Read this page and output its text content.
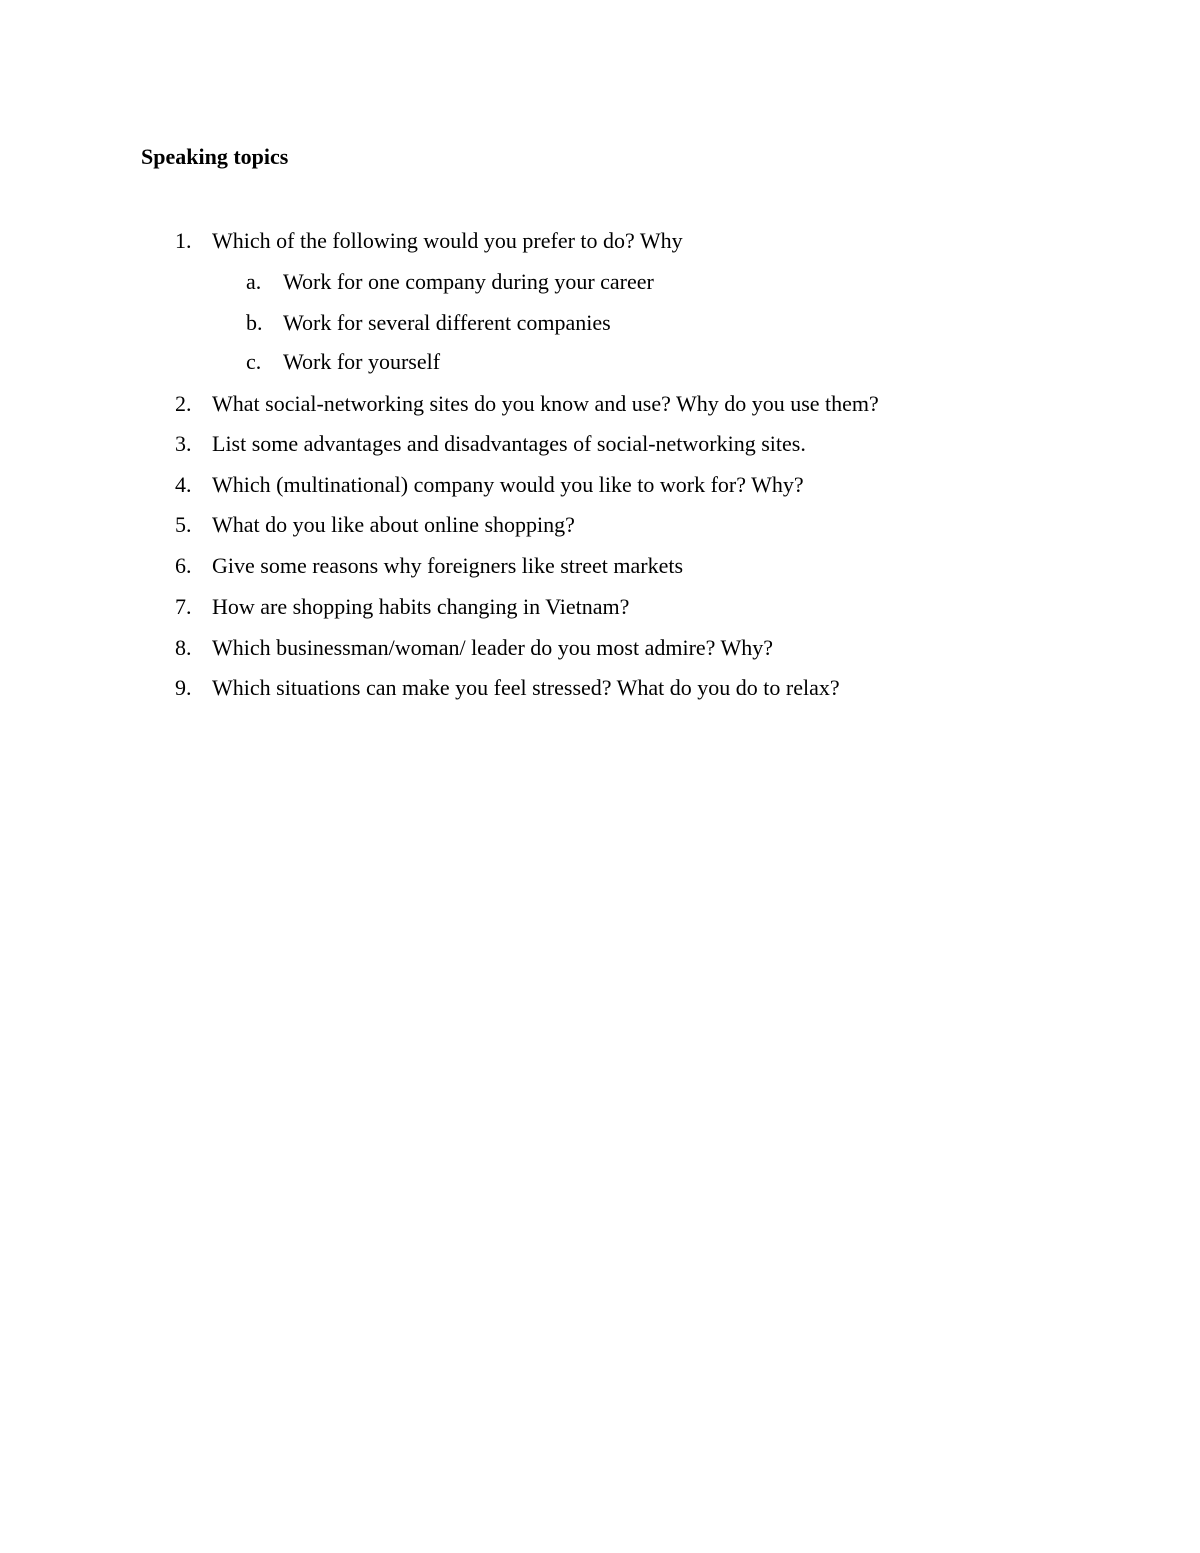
Speaking topics
1. Which of the following would you prefer to do? Why
a. Work for one company during your career
b. Work for several different companies
c. Work for yourself
2. What social-networking sites do you know and use? Why do you use them?
3. List some advantages and disadvantages of social-networking sites.
4. Which (multinational) company would you like to work for? Why?
5. What do you like about online shopping?
6. Give some reasons why foreigners like street markets
7. How are shopping habits changing in Vietnam?
8. Which businessman/woman/ leader do you most admire? Why?
9. Which situations can make you feel stressed? What do you do to relax?
